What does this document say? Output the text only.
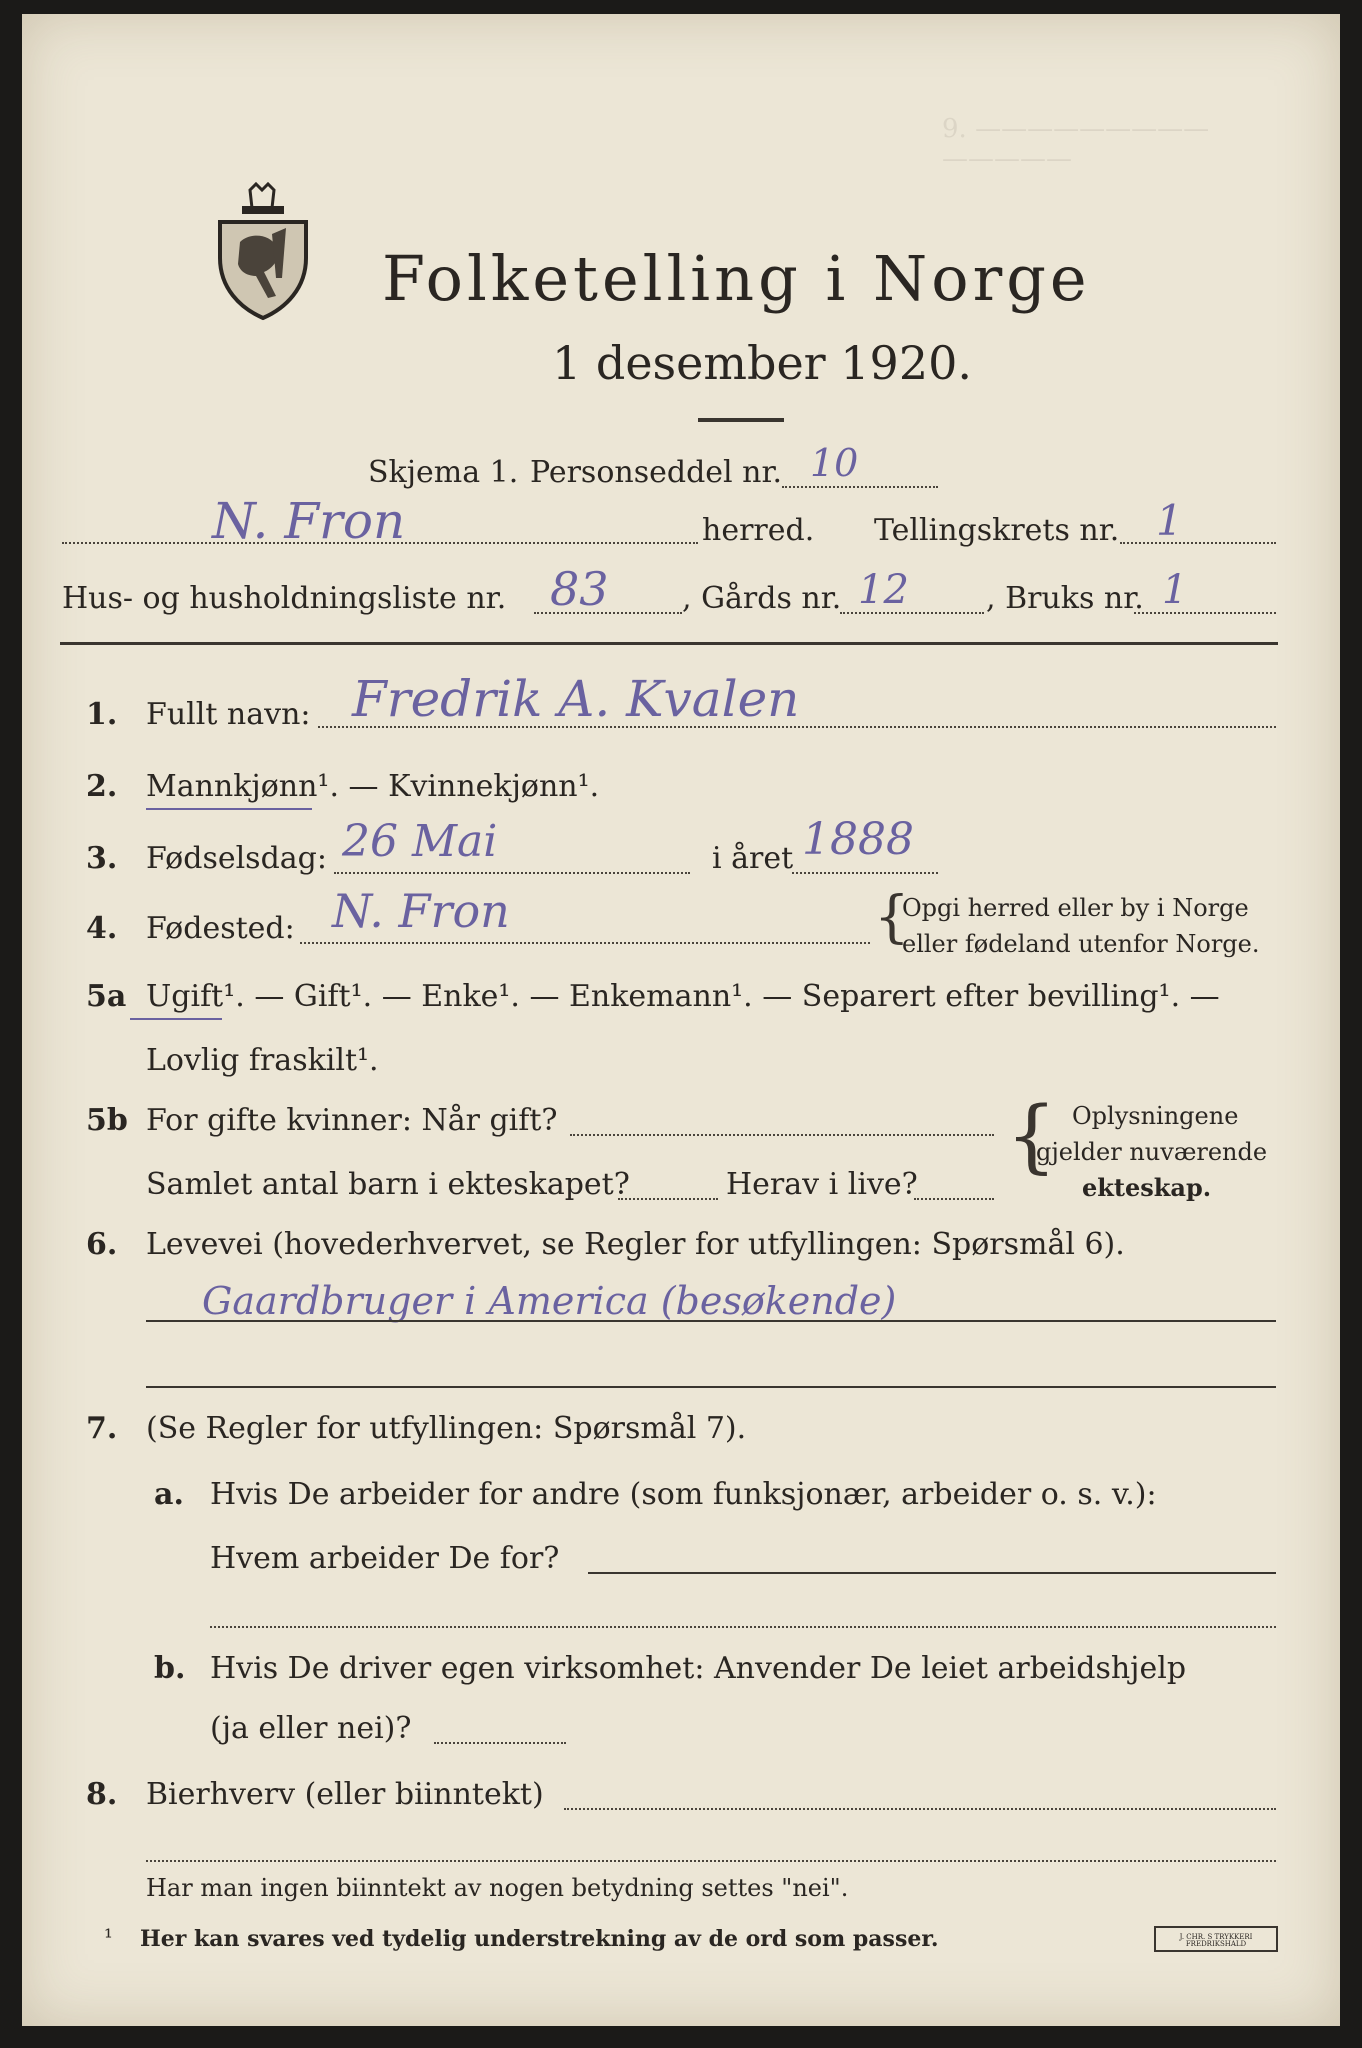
Folketelling i Norge
1 desember 1920.
9. ————————— —————
Skjema 1. Personseddel nr. 10
N. Fron	herred. Tellingskrets nr. 1
Hus- og husholdningsliste nr. 83 , Gårds nr. 12	, Bruks nr. 1
1. Fullt navn: Fredrik A. Kvalen
2. Mannkjønn¹. — Kvinnekjønn¹.
3. Fødselsdag: 26 Mai	i året 1888
4. Fødested: N. Fron	{
Opgi herred eller by i Norge
eller fødeland utenfor Norge.
5a Ugift¹. — Gift¹. — Enke¹. — Enkemann¹. — Separert efter bevilling¹. —
Lovlig fraskilt¹.
5b For gifte kvinner: Når gift?
Samlet antal barn i ekteskapet?	Herav i live?
{ Oplysningene
gjelder nuværende
ekteskap.
6. Levevei (hovederhvervet, se Regler for utfyllingen: Spørsmål 6).
Gaardbruger i America (besøkende)
7. (Se Regler for utfyllingen: Spørsmål 7).
a. Hvis De arbeider for andre (som funksjonær, arbeider o. s. v.):
Hvem arbeider De for?
b. Hvis De driver egen virksomhet: Anvender De leiet arbeidshjelp
(ja eller nei)?
8. Bierhverv (eller biinntekt)
Har man ingen biinntekt av nogen betydning settes "nei".
¹ Her kan svares ved tydelig understrekning av de ord som passer.	J. CHR. S TRYKKERI FREDRIKSHALD
